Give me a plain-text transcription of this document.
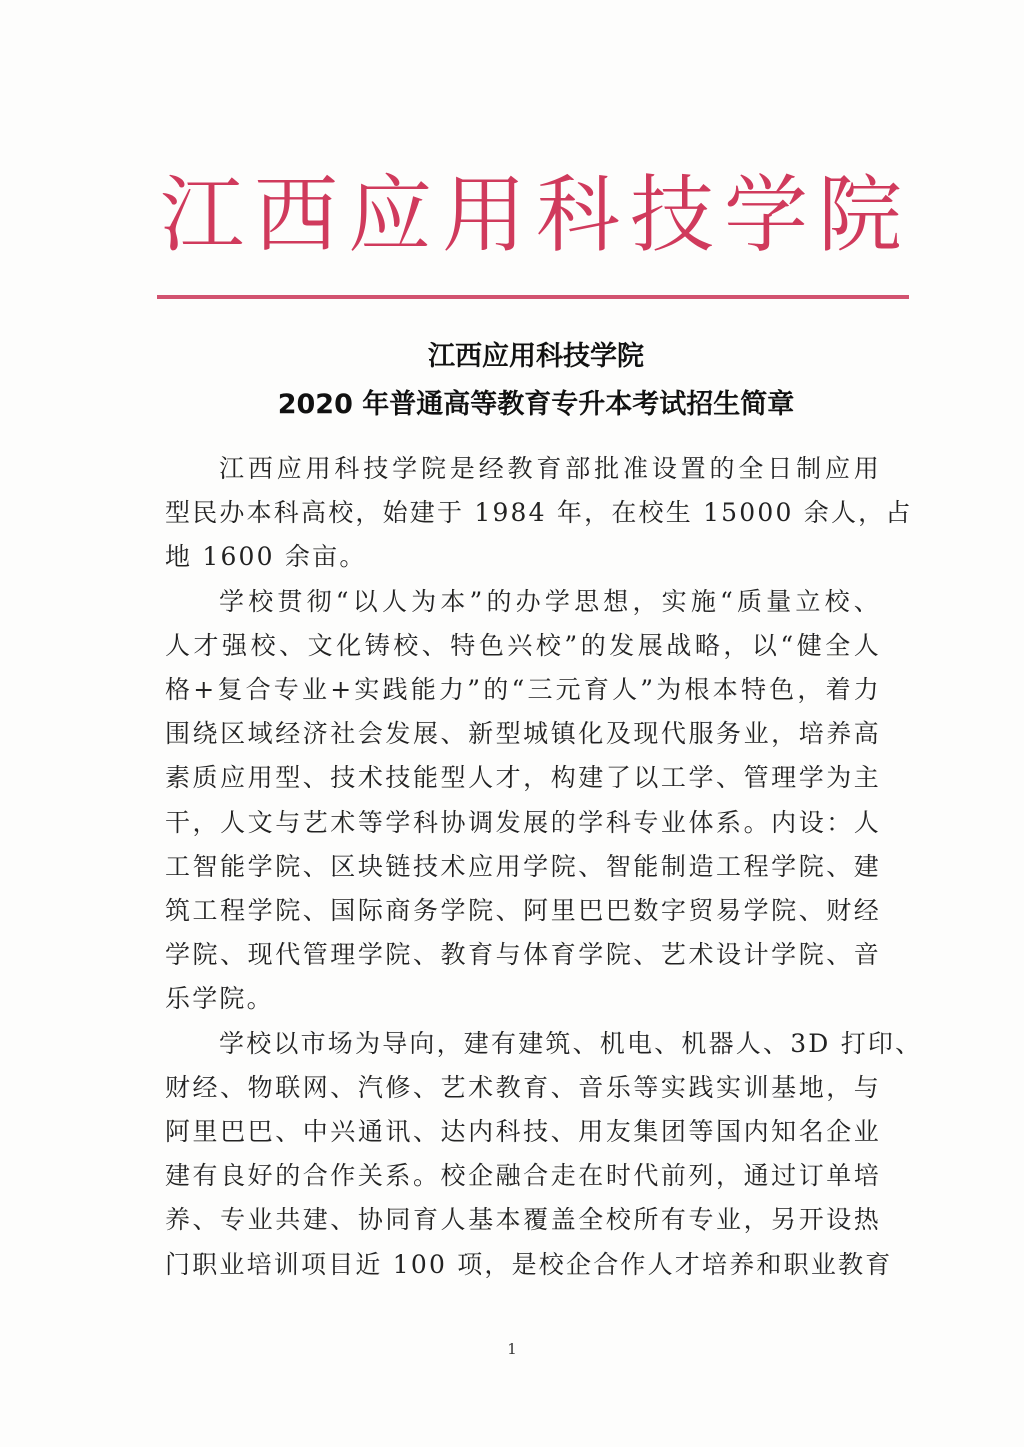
江西应用科技学院
江西应用科技学院
2020 年普通高等教育专升本考试招生简章
江西应用科技学院是经教育部批准设置的全日制应用
型民办本科高校，始建于 1984 年，在校生 15000 余人，占
地 1600 余亩。
学校贯彻“以人为本”的办学思想，实施“质量立校、
人才强校、文化铸校、特色兴校”的发展战略，以“健全人
格+复合专业+实践能力”的“三元育人”为根本特色，着力
围绕区域经济社会发展、新型城镇化及现代服务业，培养高
素质应用型、技术技能型人才，构建了以工学、管理学为主
干，人文与艺术等学科协调发展的学科专业体系。内设：人
工智能学院、区块链技术应用学院、智能制造工程学院、建
筑工程学院、国际商务学院、阿里巴巴数字贸易学院、财经
学院、现代管理学院、教育与体育学院、艺术设计学院、音
乐学院。
学校以市场为导向，建有建筑、机电、机器人、3D 打印、
财经、物联网、汽修、艺术教育、音乐等实践实训基地，与
阿里巴巴、中兴通讯、达内科技、用友集团等国内知名企业
建有良好的合作关系。校企融合走在时代前列，通过订单培
养、专业共建、协同育人基本覆盖全校所有专业，另开设热
门职业培训项目近 100 项，是校企合作人才培养和职业教育
1
